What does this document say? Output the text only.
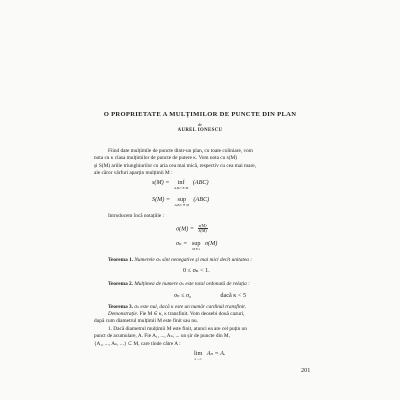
O PROPRIETATE A MULȚIMILOR DE PUNCTE DIN PLAN
de
AUREL IONESCU
Fiind date mulțimile de puncte dintr-un plan, cu toate coliniare, vom
nota cu κ clasa mulțimilor de puncte de putere κ. Vom nota cu s(M)
și S(M) ariile triunghiurilor cu aria cea mai mică, respectiv cu cea mai mare,
ale căror vârfuri aparțin mulțimii M :
s(M) =	inf
A,B,C ∈ M
(ABC)
S(M) =	sup
A,B,C ∈ M
(ABC)
Introducem încă notațiile :
$\sigma(M) = \frac{s(M)}{S(M)}$
σₙ = sup
M ∈ κ
σ(M)
Teorema 1. Numerele σₙ sînt nenegative și mai mici decît unitatea :
0 ≤ σₙ < 1.
Teorema 2. Mulțimea de numere σₙ este total ordonată de relația :
σₙ ≤ σ₀	dacă κ < 5
Teorema 3. σₙ este nul, dacă κ este un număr cardinal transfinit.
Demonstrație. Fie M ∈ κ, κ transfinit. Vom deosebi două cazuri,
după cum diametrul mulțimii M este finit sau nu.
1. Dacă diametrul mulțimii M este finit, atunci ea are cel puțin un
punct de acumulare, A. Fie A₁, ..., Aₙ, ... un șir de puncte din M,
{A₁, ..., Aₙ, ...} ⊂ M, care tinde către A :
lim
n→∞
Aₙ = A.
201
